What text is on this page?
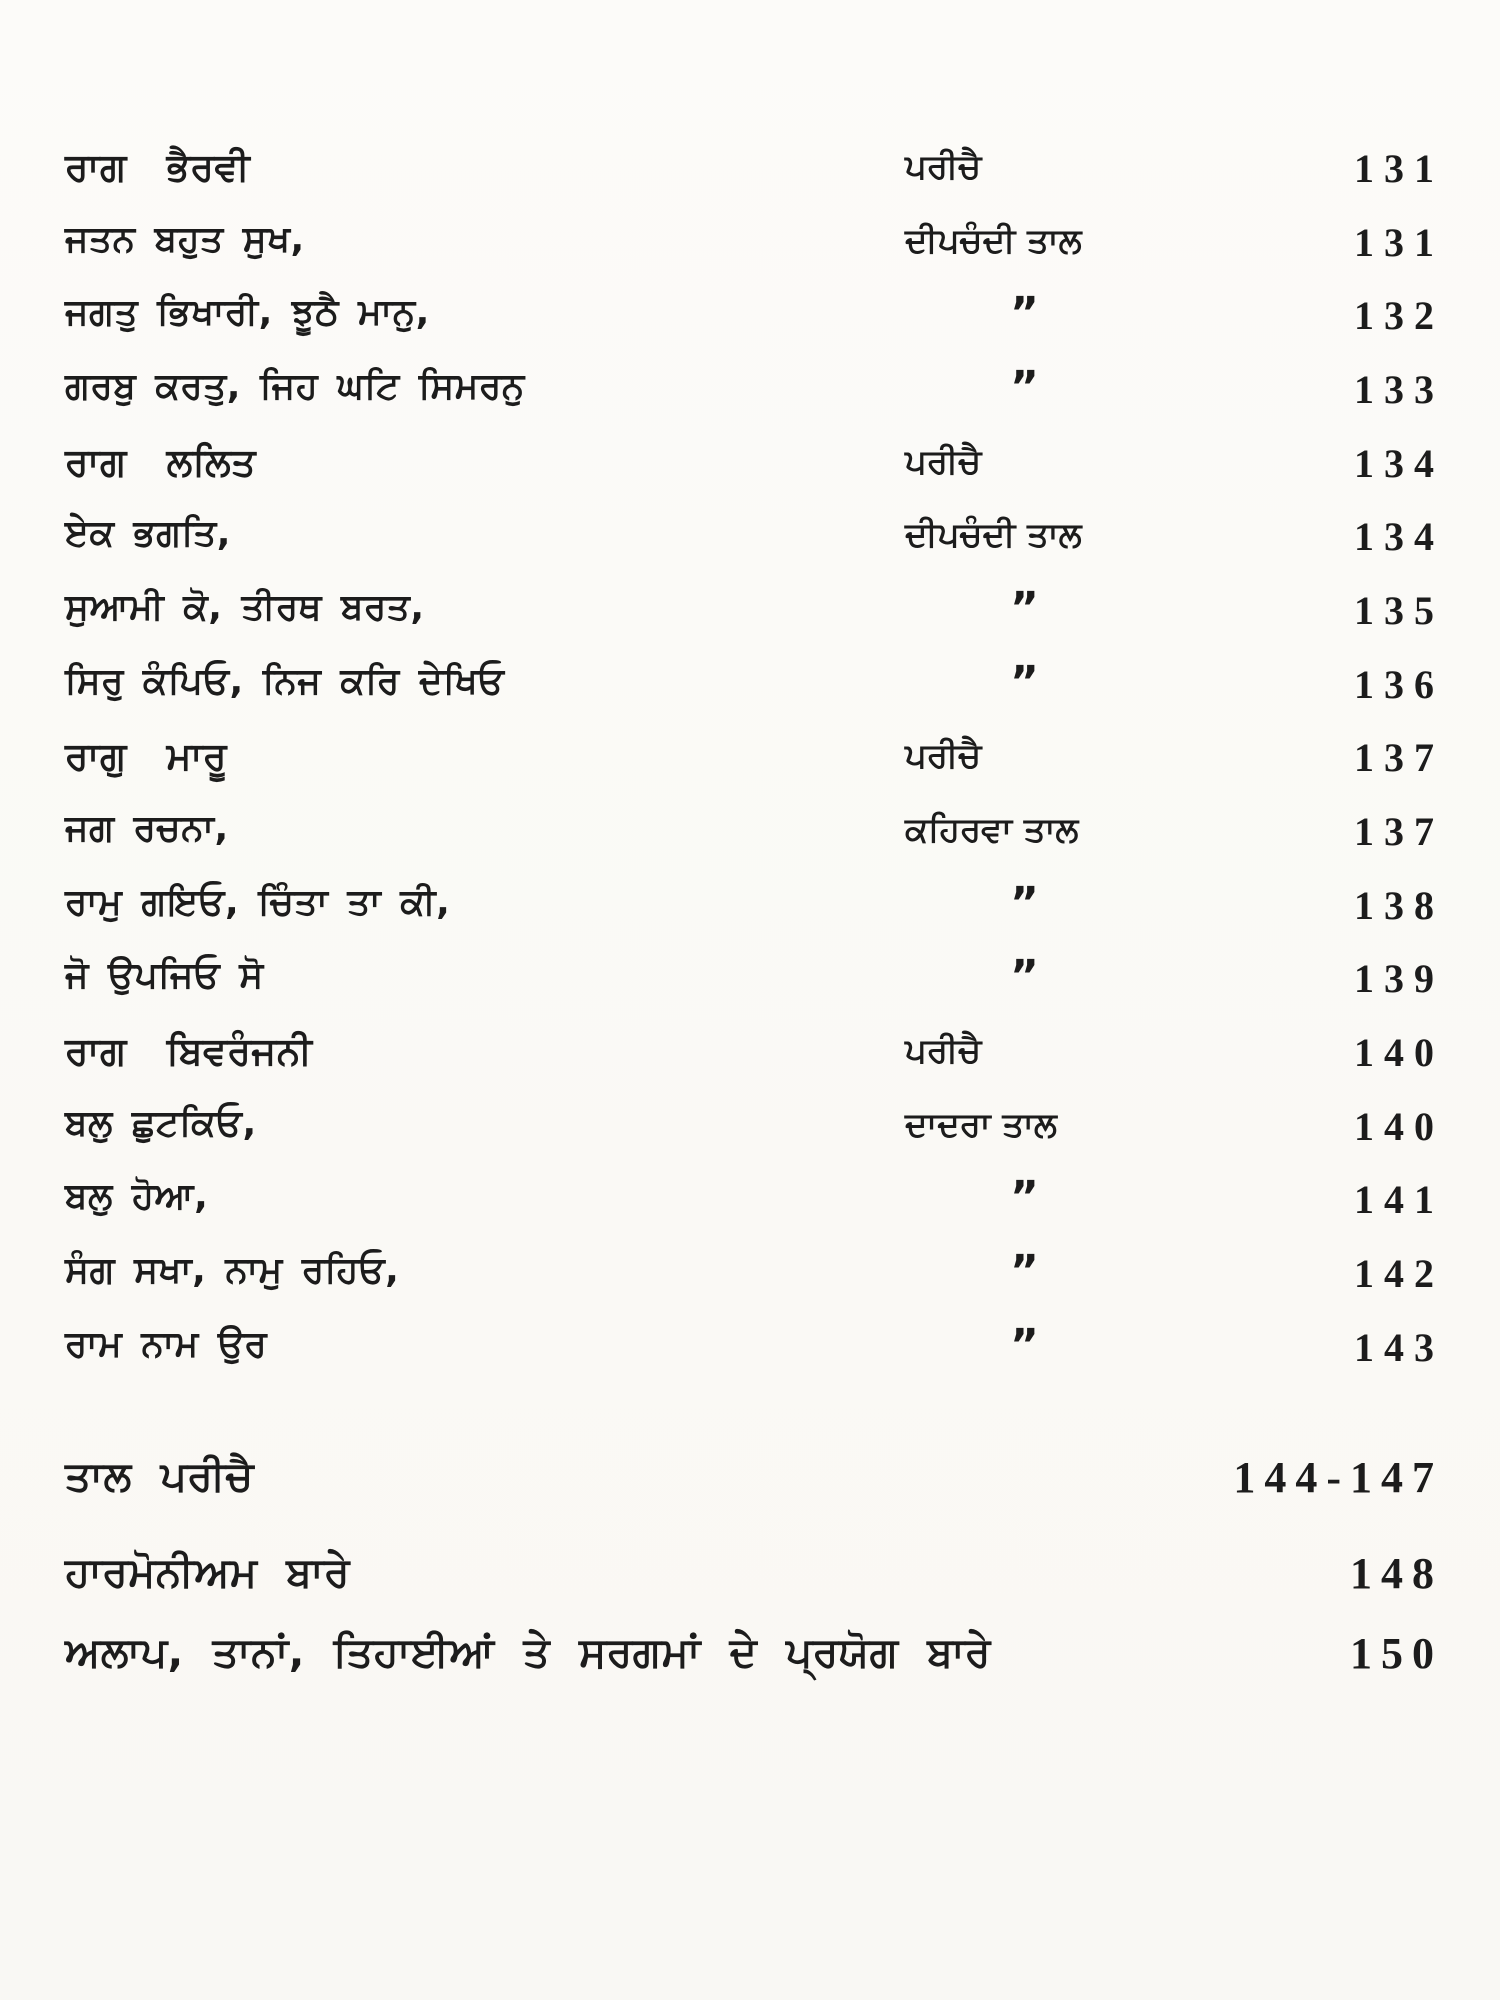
ਰਾਗ ਭੈਰਵੀ	ਪਰੀਚੈ	131
ਜਤਨ ਬਹੁਤ ਸੁਖ,	ਦੀਪਚੰਦੀ ਤਾਲ	131
ਜਗਤੁ ਭਿਖਾਰੀ, ਝੂਠੈ ਮਾਨੁ,	”	132
ਗਰਬੁ ਕਰਤੁ, ਜਿਹ ਘਟਿ ਸਿਮਰਨੁ	”	133
ਰਾਗ ਲਲਿਤ	ਪਰੀਚੈ	134
ਏਕ ਭਗਤਿ,	ਦੀਪਚੰਦੀ ਤਾਲ	134
ਸੁਆਮੀ ਕੋ, ਤੀਰਥ ਬਰਤ,	”	135
ਸਿਰੁ ਕੰਪਿਓ, ਨਿਜ ਕਰਿ ਦੇਖਿਓ	”	136
ਰਾਗੁ ਮਾਰੂ	ਪਰੀਚੈ	137
ਜਗ ਰਚਨਾ,	ਕਹਿਰਵਾ ਤਾਲ	137
ਰਾਮੁ ਗਇਓ, ਚਿੰਤਾ ਤਾ ਕੀ,	”	138
ਜੋ ਉਪਜਿਓ ਸੋ	”	139
ਰਾਗ ਬਿਵਰੰਜਨੀ	ਪਰੀਚੈ	140
ਬਲੁ ਛੁਟਕਿਓ,	ਦਾਦਰਾ ਤਾਲ	140
ਬਲੁ ਹੋਆ,	”	141
ਸੰਗ ਸਖਾ, ਨਾਮੁ ਰਹਿਓ,	”	142
ਰਾਮ ਨਾਮ ਉਰ	”	143
ਤਾਲ ਪਰੀਚੈ	144-147
ਹਾਰਮੋਨੀਅਮ ਬਾਰੇ	148
ਅਲਾਪ, ਤਾਨਾਂ, ਤਿਹਾਈਆਂ ਤੇ ਸਰਗਮਾਂ ਦੇ ਪ੍ਰਯੋਗ ਬਾਰੇ	150
